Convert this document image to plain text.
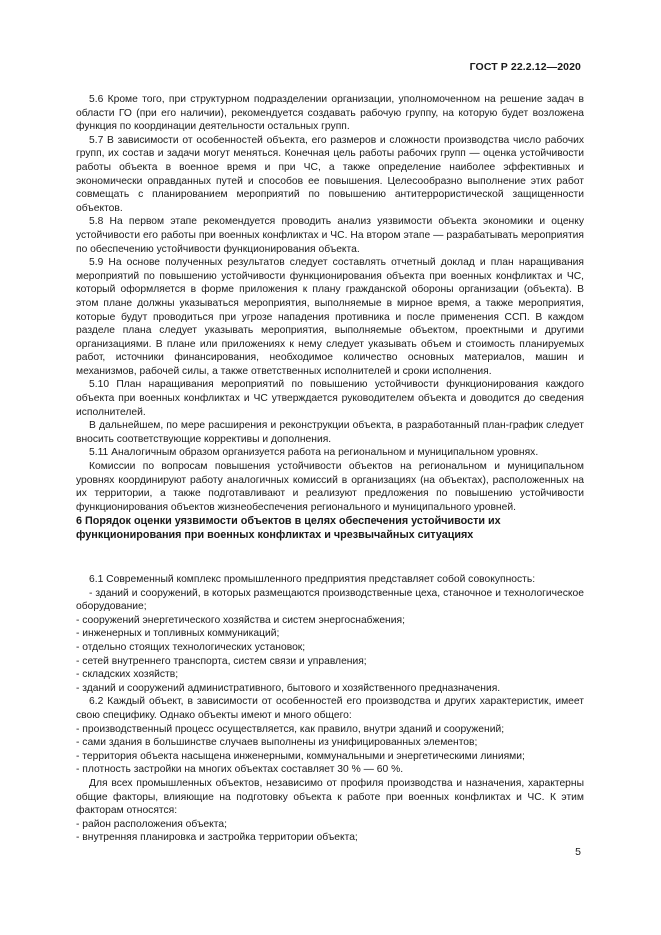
ГОСТ Р 22.2.12—2020

5.6 Кроме того, при структурном подразделении организации, уполномоченном на решение задач в области ГО (при его наличии), рекомендуется создавать рабочую группу, на которую будет возложена функция по координации деятельности остальных групп.

5.7 В зависимости от особенностей объекта, его размеров и сложности производства число рабочих групп, их состав и задачи могут меняться. Конечная цель работы рабочих групп — оценка устойчивости работы объекта в военное время и при ЧС, а также определение наиболее эффективных и экономически оправданных путей и способов ее повышения. Целесообразно выполнение этих работ совмещать с планированием мероприятий по повышению антитеррористической защищенности объектов.

5.8 На первом этапе рекомендуется проводить анализ уязвимости объекта экономики и оценку устойчивости его работы при военных конфликтах и ЧС. На втором этапе — разрабатывать мероприятия по обеспечению устойчивости функционирования объекта.

5.9 На основе полученных результатов следует составлять отчетный доклад и план наращивания мероприятий по повышению устойчивости функционирования объекта при военных конфликтах и ЧС, который оформляется в форме приложения к плану гражданской обороны организации (объекта). В этом плане должны указываться мероприятия, выполняемые в мирное время, а также мероприятия, которые будут проводиться при угрозе нападения противника и после применения ССП. В каждом разделе плана следует указывать мероприятия, выполняемые объектом, проектными и другими организациями. В плане или приложениях к нему следует указывать объем и стоимость планируемых работ, источники финансирования, необходимое количество основных материалов, машин и механизмов, рабочей силы, а также ответственных исполнителей и сроки исполнения.

5.10 План наращивания мероприятий по повышению устойчивости функционирования каждого объекта при военных конфликтах и ЧС утверждается руководителем объекта и доводится до сведения исполнителей.

В дальнейшем, по мере расширения и реконструкции объекта, в разработанный план-график следует вносить соответствующие коррективы и дополнения.

5.11 Аналогичным образом организуется работа на региональном и муниципальном уровнях.

Комиссии по вопросам повышения устойчивости объектов на региональном и муниципальном уровнях координируют работу аналогичных комиссий в организациях (на объектах), расположенных на их территории, а также подготавливают и реализуют предложения по повышению устойчивости функционирования объектов жизнеобеспечения регионального и муниципального уровней.

6 Порядок оценки уязвимости объектов в целях обеспечения устойчивости их функционирования при военных конфликтах и чрезвычайных ситуациях

6.1 Современный комплекс промышленного предприятия представляет собой совокупность:

- зданий и сооружений, в которых размещаются производственные цеха, станочное и технологическое оборудование;

- сооружений энергетического хозяйства и систем энергоснабжения;

- инженерных и топливных коммуникаций;

- отдельно стоящих технологических установок;

- сетей внутреннего транспорта, систем связи и управления;

- складских хозяйств;

- зданий и сооружений административного, бытового и хозяйственного предназначения.

6.2 Каждый объект, в зависимости от особенностей его производства и других характеристик, имеет свою специфику. Однако объекты имеют и много общего:

- производственный процесс осуществляется, как правило, внутри зданий и сооружений;

- сами здания в большинстве случаев выполнены из унифицированных элементов;

- территория объекта насыщена инженерными, коммунальными и энергетическими линиями;

- плотность застройки на многих объектах составляет 30 % — 60 %.

Для всех промышленных объектов, независимо от профиля производства и назначения, характерны общие факторы, влияющие на подготовку объекта к работе при военных конфликтах и ЧС. К этим факторам относятся:

- район расположения объекта;

- внутренняя планировка и застройка территории объекта;

5
